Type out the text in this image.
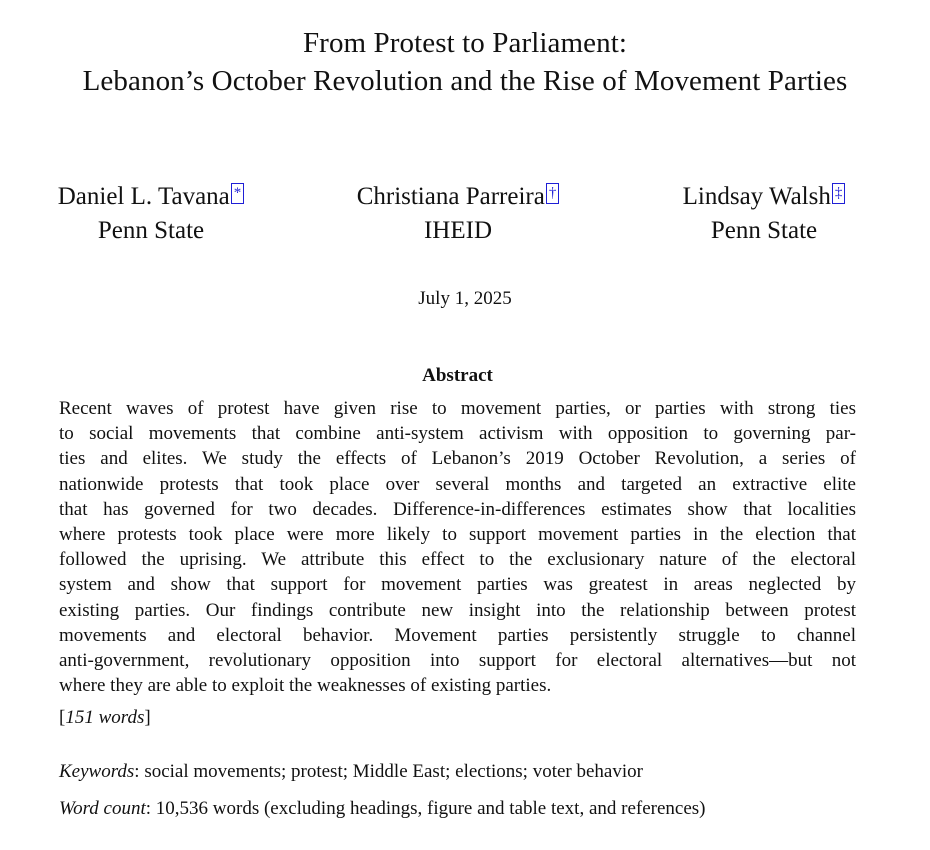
From Protest to Parliament:
Lebanon’s October Revolution and the Rise of Movement Parties
Daniel L. Tavana *
Penn State
Christiana Parreira †
IHEID
Lindsay Walsh ‡
Penn State
July 1, 2025
Abstract
Recent waves of protest have given rise to movement parties, or parties with strong ties
to social movements that combine anti-system activism with opposition to governing par-
ties and elites. We study the effects of Lebanon’s 2019 October Revolution, a series of
nationwide protests that took place over several months and targeted an extractive elite
that has governed for two decades. Difference-in-differences estimates show that localities
where protests took place were more likely to support movement parties in the election that
followed the uprising. We attribute this effect to the exclusionary nature of the electoral
system and show that support for movement parties was greatest in areas neglected by
existing parties. Our findings contribute new insight into the relationship between protest
movements and electoral behavior. Movement parties persistently struggle to channel
anti-government, revolutionary opposition into support for electoral alternatives—but not
where they are able to exploit the weaknesses of existing parties.
[151 words]
Keywords: social movements; protest; Middle East; elections; voter behavior
Word count: 10,536 words (excluding headings, figure and table text, and references)
